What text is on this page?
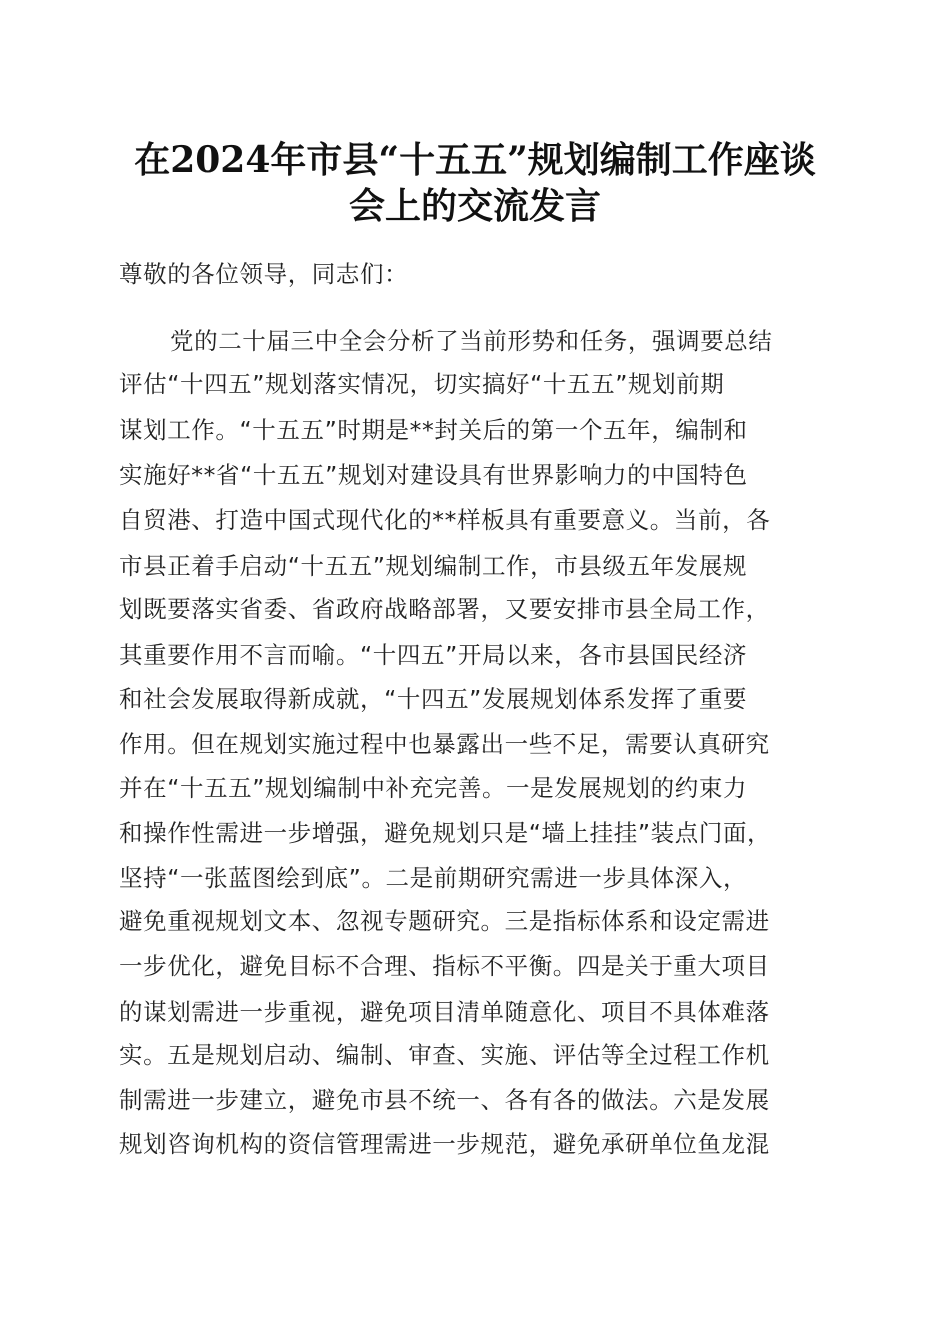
在2024年市县“十五五”规划编制工作座谈
会上的交流发言
尊敬的各位领导，同志们：
党的二十届三中全会分析了当前形势和任务，强调要总结
评估“十四五”规划落实情况，切实搞好“十五五”规划前期
谋划工作。“十五五”时期是**封关后的第一个五年，编制和
实施好**省“十五五”规划对建设具有世界影响力的中国特色
自贸港、打造中国式现代化的**样板具有重要意义。当前，各
市县正着手启动“十五五”规划编制工作，市县级五年发展规
划既要落实省委、省政府战略部署，又要安排市县全局工作，
其重要作用不言而喻。“十四五”开局以来，各市县国民经济
和社会发展取得新成就，“十四五”发展规划体系发挥了重要
作用。但在规划实施过程中也暴露出一些不足，需要认真研究
并在“十五五”规划编制中补充完善。一是发展规划的约束力
和操作性需进一步增强，避免规划只是“墙上挂挂”装点门面，
坚持“一张蓝图绘到底”。二是前期研究需进一步具体深入，
避免重视规划文本、忽视专题研究。三是指标体系和设定需进
一步优化，避免目标不合理、指标不平衡。四是关于重大项目
的谋划需进一步重视，避免项目清单随意化、项目不具体难落
实。五是规划启动、编制、审查、实施、评估等全过程工作机
制需进一步建立，避免市县不统一、各有各的做法。六是发展
规划咨询机构的资信管理需进一步规范，避免承研单位鱼龙混
